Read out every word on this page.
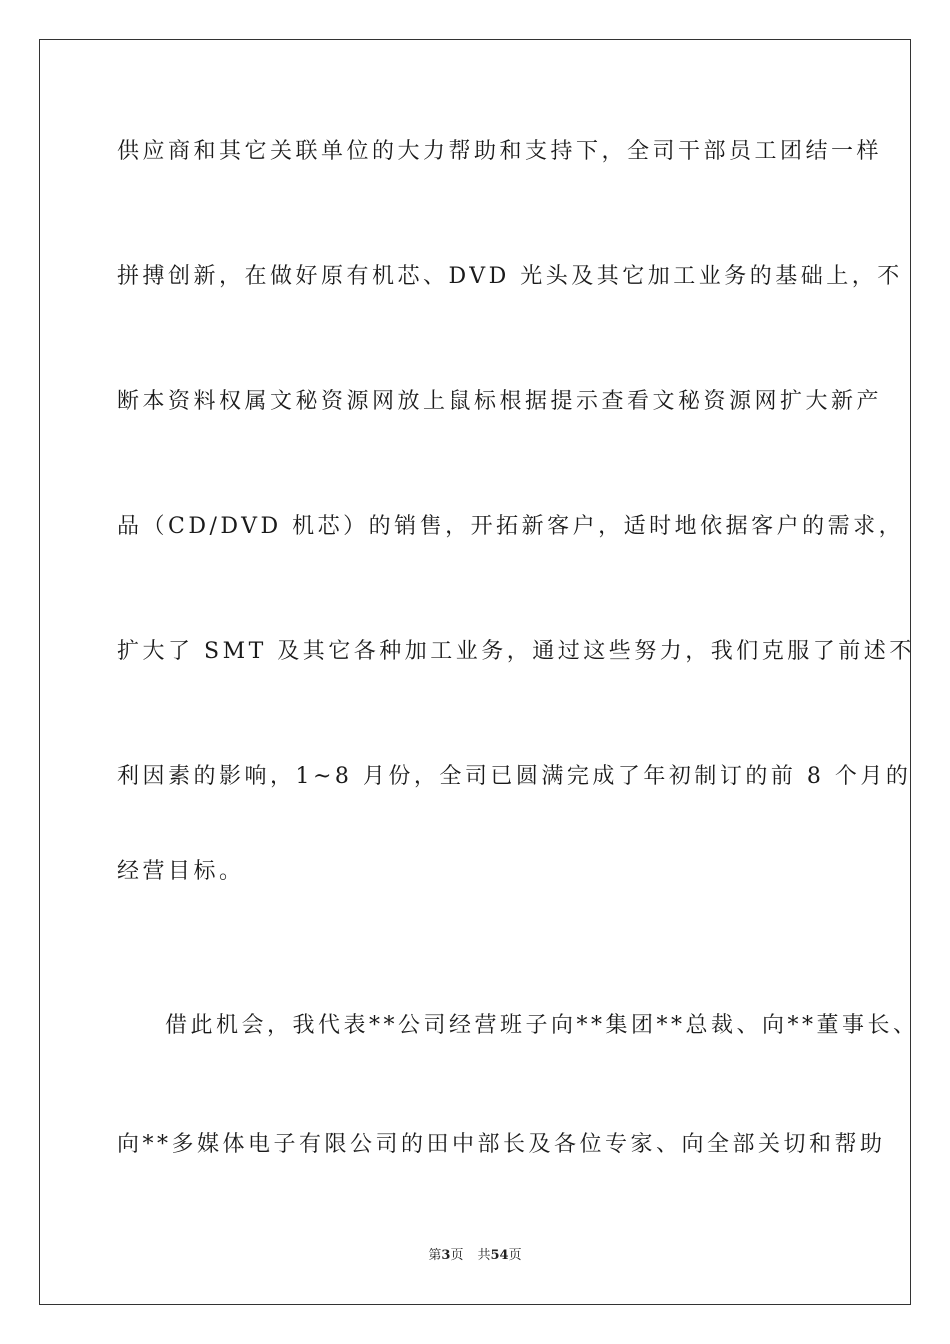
供应商和其它关联单位的大力帮助和支持下，全司干部员工团结一样
拼搏创新，在做好原有机芯、DVD 光头及其它加工业务的基础上，不
断本资料权属文秘资源网放上鼠标根据提示查看文秘资源网扩大新产
品（CD/DVD 机芯）的销售，开拓新客户，适时地依据客户的需求，
扩大了 SMT 及其它各种加工业务，通过这些努力，我们克服了前述不
利因素的影响，1~8 月份，全司已圆满完成了年初制订的前 8 个月的
经营目标。
借此机会，我代表**公司经营班子向**集团**总裁、向**董事长、
向**多媒体电子有限公司的田中部长及各位专家、向全部关切和帮助
第3页 共54页
